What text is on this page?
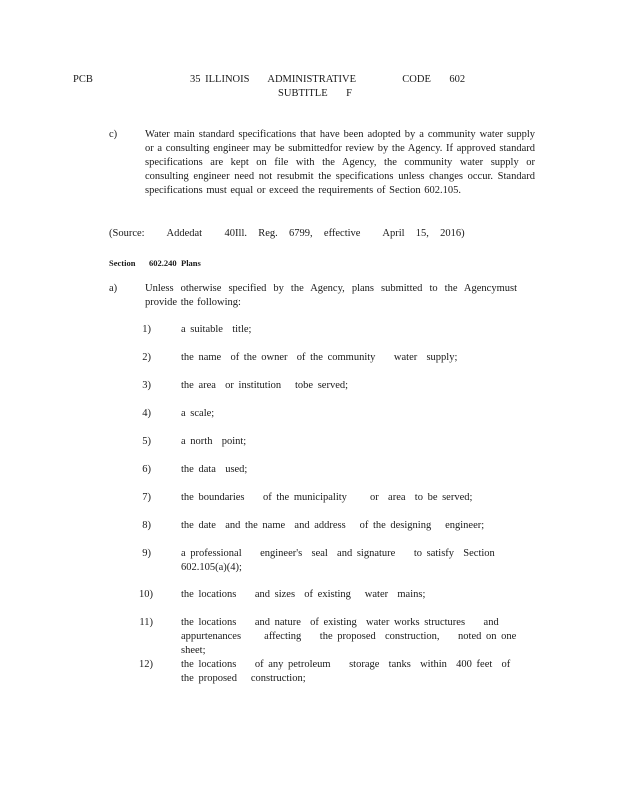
PCB	35 ILLINOIS    ADMINISTRATIVE          CODE    602
SUBTITLE    F
c)	Water main standard specifications that have been adopted by a community water supply or a consulting engineer may be submittedfor review by the Agency. If approved standard specifications are kept on file with the Agency, the community water supply or consulting engineer need not resubmit the specifications unless changes occur. Standard specifications must equal or exceed the requirements of Section 602.105.
(Source:    Addedat    40Ill.  Reg.  6799,  effective    April  15,  2016)
Section 602.240 Plans
a)	Unless otherwise specified by the Agency, plans submitted to the Agencymust provide the following:
1)	a suitable  title;
2)	the name  of the owner  of the community    water  supply;
3)	the area  or institution   tobe served;
4)	a scale;
5)	a north  point;
6)	the data  used;
7)	the boundaries    of the municipality     or  area  to be served;
8)	the date  and the name  and address   of the designing   engineer;
9)	a professional    engineer's  seal  and signature    to satisfy  Section 602.105(a)(4);
10)	the locations    and sizes  of existing   water  mains;
11)	the locations    and nature  of existing  water works structures    and appurtenances     affecting    the proposed  construction,    noted on one sheet;
12)	the locations    of any petroleum    storage  tanks  within  400 feet  of the proposed   construction;
